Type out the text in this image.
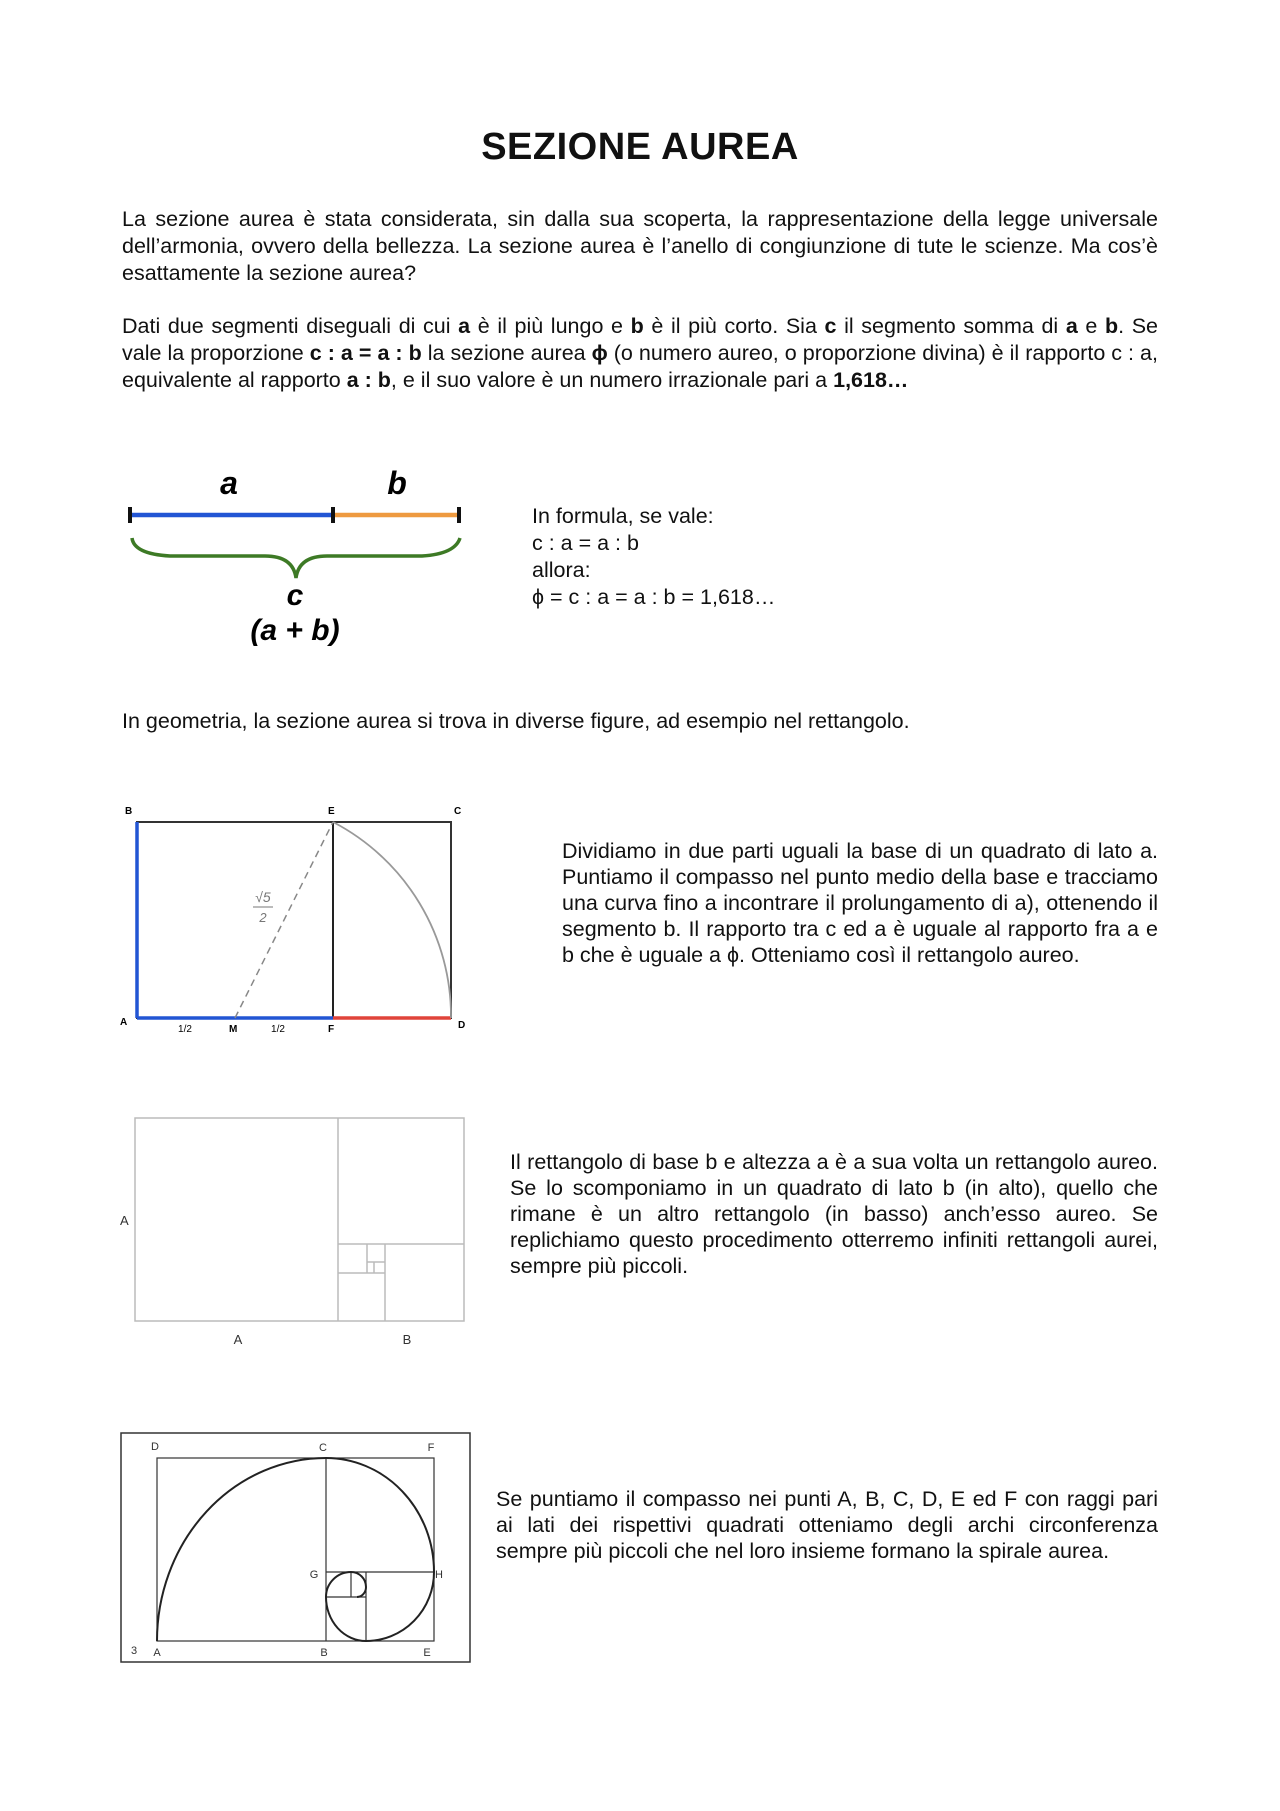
SEZIONE AUREA

La sezione aurea è stata considerata, sin dalla sua scoperta, la rappresentazione della legge universale dell’armonia, ovvero della bellezza. La sezione aurea è l’anello di congiunzione di tute le scienze. Ma cos’è esattamente la sezione aurea?

Dati due segmenti diseguali di cui a è il più lungo e b è il più corto. Sia c il segmento somma di a e b. Se vale la proporzione c : a = a : b la sezione aurea ϕ (o numero aureo, o proporzione divina) è il rapporto c : a, equivalente al rapporto a : b, e il suo valore è un numero irrazionale pari a 1,618…

a	b
c
(a + b)
In formula, se vale:
c : a = a : b
allora:
ϕ = c : a = a : b = 1,618…
In geometria, la sezione aurea si trova in diverse figure, ad esempio nel rettangolo.
B	E	C
A
M	F	D
1/2	1/2
√5
2

Dividiamo in due parti uguali la base di un quadrato di lato a. Puntiamo il compasso nel punto medio della base e tracciamo una curva fino a incontrare il prolungamento di a), ottenendo il segmento b. Il rapporto tra c ed a è uguale al rapporto fra a e b che è uguale a ϕ. Otteniamo così il rettangolo aureo.

A
A	B

Il rettangolo di base b e altezza a è a sua volta un rettangolo aureo. Se lo scomponiamo in un quadrato di lato b (in alto), quello che rimane è un altro rettangolo (in basso) anch’esso aureo. Se replichiamo questo procedimento otterremo infiniti rettangoli aurei, sempre più piccoli.

D	C	F
G	H
A	B	E
3

Se puntiamo il compasso nei punti A, B, C, D, E ed F con raggi pari ai lati dei rispettivi quadrati otteniamo degli archi circonferenza sempre più piccoli che nel loro insieme formano la spirale aurea.
